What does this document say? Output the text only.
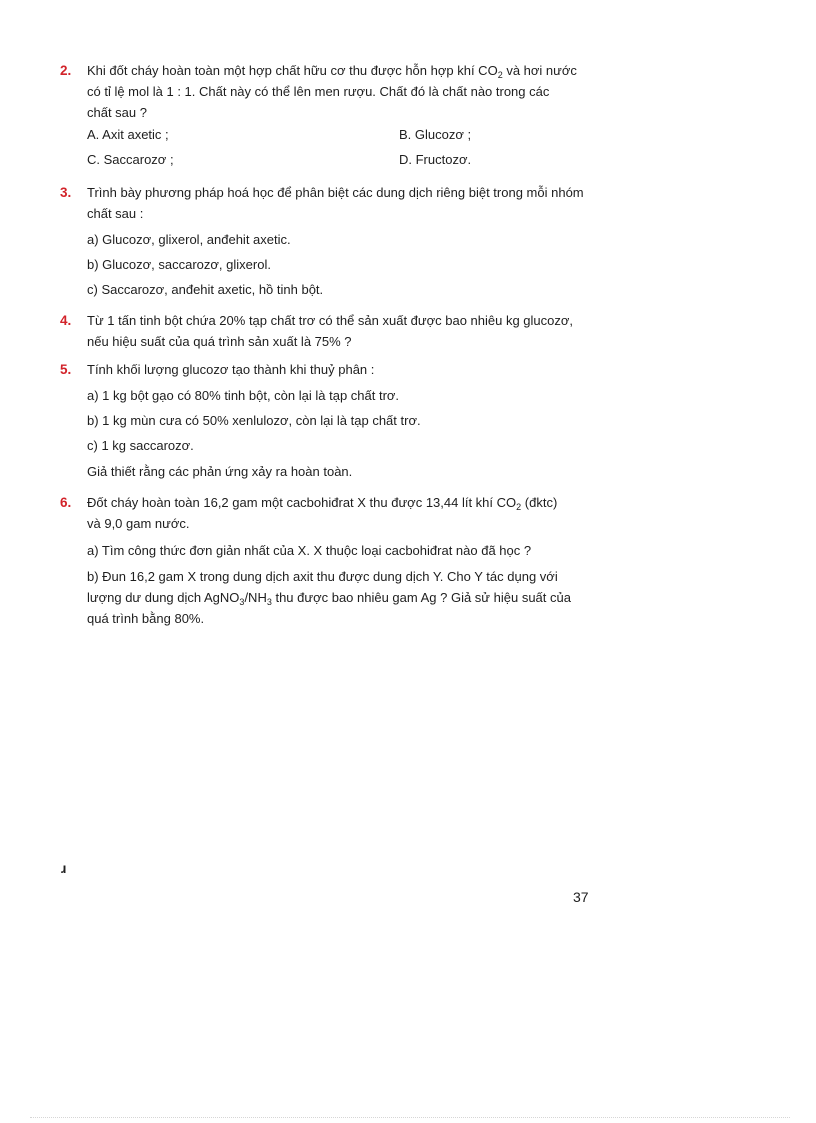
2.	Khi đốt cháy hoàn toàn một hợp chất hữu cơ thu được hỗn hợp khí $CO_2$ và hơi nước
có tỉ lệ mol là 1 : 1. Chất này có thể lên men rượu. Chất đó là chất nào trong các
chất sau ?
A. Axit axetic ;	B. Glucozơ ;
C. Saccarozơ ;	D. Fructozơ.
3.	Trình bày phương pháp hoá học để phân biệt các dung dịch riêng biệt trong mỗi nhóm
chất sau :
a) Glucozơ, glixerol, anđehit axetic.
b) Glucozơ, saccarozơ, glixerol.
c) Saccarozơ, anđehit axetic, hồ tinh bột.
4.	Từ 1 tấn tinh bột chứa 20% tạp chất trơ có thể sản xuất được bao nhiêu kg glucozơ,
nếu hiệu suất của quá trình sản xuất là 75% ?
5.	Tính khối lượng glucozơ tạo thành khi thuỷ phân :
a) 1 kg bột gạo có 80% tinh bột, còn lại là tạp chất trơ.
b) 1 kg mùn cưa có 50% xenlulozơ, còn lại là tạp chất trơ.
c) 1 kg saccarozơ.
Giả thiết rằng các phản ứng xảy ra hoàn toàn.
6.	Đốt cháy hoàn toàn 16,2 gam một cacbohiđrat X thu được 13,44 lít khí $CO_2$ (đktc)
và 9,0 gam nước.
a) Tìm công thức đơn giản nhất của X. X thuộc loại cacbohiđrat nào đã học ?
b) Đun 16,2 gam X trong dung dịch axit thu được dung dịch Y. Cho Y tác dụng với
lượng dư dung dịch $AgNO_3/NH_3$ thu được bao nhiêu gam Ag ? Giả sử hiệu suất của
quá trình bằng 80%.
ɹ
37
